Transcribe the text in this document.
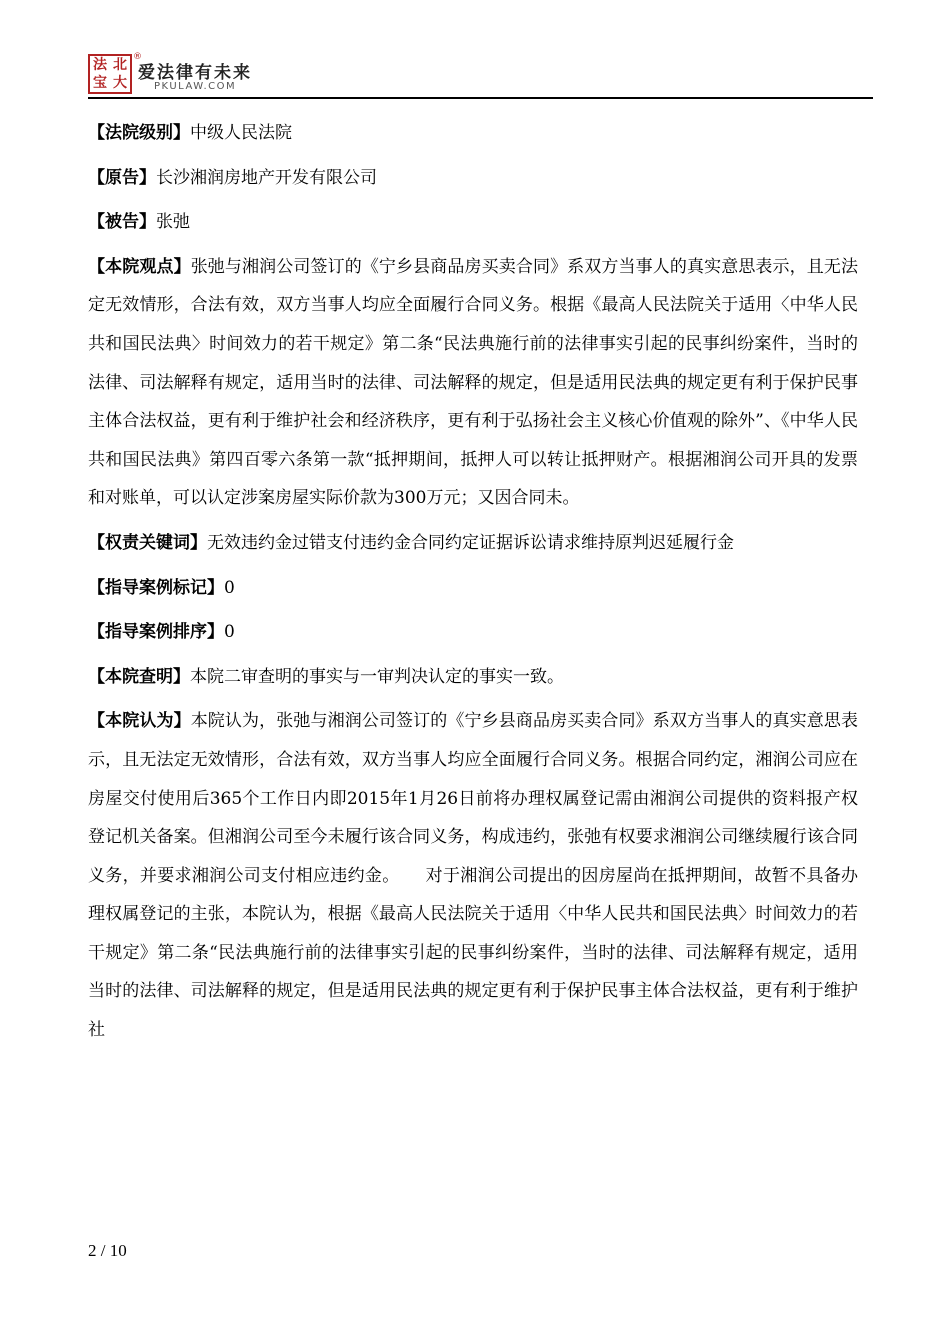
法 北
宝 大
®
爱法律有未来
PKULAW.COM

【法院级别】中级人民法院

【原告】长沙湘润房地产开发有限公司

【被告】张弛

【本院观点】张弛与湘润公司签订的《宁乡县商品房买卖合同》系双方当事人的真实意思表示，且无法定无效情形，合法有效，双方当事人均应全面履行合同义务。根据《最高人民法院关于适用〈中华人民共和国民法典〉时间效力的若干规定》第二条“民法典施行前的法律事实引起的民事纠纷案件，当时的法律、司法解释有规定，适用当时的法律、司法解释的规定，但是适用民法典的规定更有利于保护民事主体合法权益，更有利于维护社会和经济秩序，更有利于弘扬社会主义核心价值观的除外”、《中华人民共和国民法典》第四百零六条第一款“抵押期间，抵押人可以转让抵押财产。根据湘润公司开具的发票和对账单，可以认定涉案房屋实际价款为300万元；又因合同未。

【权责关键词】无效违约金过错支付违约金合同约定证据诉讼请求维持原判迟延履行金

【指导案例标记】0

【指导案例排序】0

【本院查明】本院二审查明的事实与一审判决认定的事实一致。

【本院认为】本院认为，张弛与湘润公司签订的《宁乡县商品房买卖合同》系双方当事人的真实意思表示，且无法定无效情形，合法有效，双方当事人均应全面履行合同义务。根据合同约定，湘润公司应在房屋交付使用后365个工作日内即2015年1月26日前将办理权属登记需由湘润公司提供的资料报产权登记机关备案。但湘润公司至今未履行该合同义务，构成违约，张弛有权要求湘润公司继续履行该合同义务，并要求湘润公司支付相应违约金。　　对于湘润公司提出的因房屋尚在抵押期间，故暂不具备办理权属登记的主张，本院认为，根据《最高人民法院关于适用〈中华人民共和国民法典〉时间效力的若干规定》第二条“民法典施行前的法律事实引起的民事纠纷案件，当时的法律、司法解释有规定，适用当时的法律、司法解释的规定，但是适用民法典的规定更有利于保护民事主体合法权益，更有利于维护社

2 / 10
